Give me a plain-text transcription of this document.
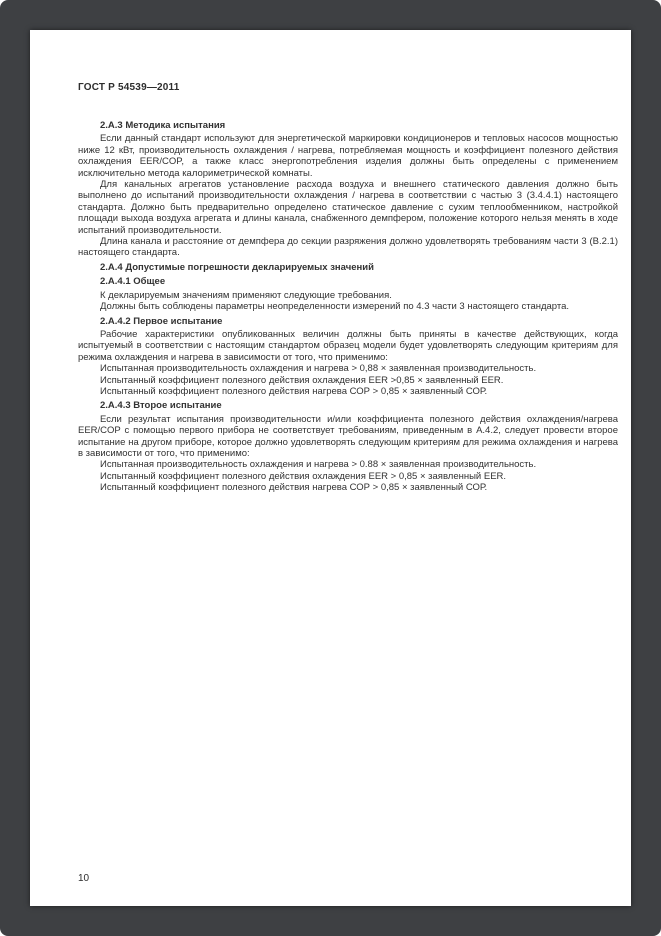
ГОСТ Р 54539—2011
2.А.3 Методика испытания
Если данный стандарт используют для энергетической маркировки кондиционеров и тепловых насосов мощностью ниже 12 кВт, производительность охлаждения / нагрева, потребляемая мощность и коэффициент полезного действия охлаждения EER/COP, а также класс энергопотребления изделия должны быть определены с применением исключительно метода калориметрической комнаты.
Для канальных агрегатов установление расхода воздуха и внешнего статического давления должно быть выполнено до испытаний производительности охлаждения / нагрева в соответствии с частью 3 (3.4.4.1) настоящего стандарта. Должно быть предварительно определено статическое давление с сухим теплообменником, настройкой площади выхода воздуха агрегата и длины канала, снабженного демпфером, положение которого нельзя менять в ходе испытаний производительности.
Длина канала и расстояние от демпфера до секции разряжения должно удовлетворять требованиям части 3 (В.2.1) настоящего стандарта.
2.А.4 Допустимые погрешности декларируемых значений
2.А.4.1 Общее
К декларируемым значениям применяют следующие требования.
Должны быть соблюдены параметры неопределенности измерений по 4.3 части 3 настоящего стандарта.
2.А.4.2 Первое испытание
Рабочие характеристики опубликованных величин должны быть приняты в качестве действующих, когда испытуемый в соответствии с настоящим стандартом образец модели будет удовлетворять следующим критериям для режима охлаждения и нагрева в зависимости от того, что применимо:
Испытанная производительность охлаждения и нагрева > 0,88 × заявленная производительность.
Испытанный коэффициент полезного действия охлаждения EER >0,85 × заявленный EER.
Испытанный коэффициент полезного действия нагрева СОР > 0,85 × заявленный СОР.
2.А.4.3 Второе испытание
Если результат испытания производительности и/или коэффициента полезного действия охлаждения/нагрева EER/COP с помощью первого прибора не соответствует требованиям, приведенным в А.4.2, следует провести второе испытание на другом приборе, которое должно удовлетворять следующим критериям для режима охлаждения и нагрева в зависимости от того, что применимо:
Испытанная производительность охлаждения и нагрева > 0.88 × заявленная производительность.
Испытанный коэффициент полезного действия охлаждения EER > 0,85 × заявленный EER.
Испытанный коэффициент полезного действия нагрева СОР > 0,85 × заявленный СОР.
10
